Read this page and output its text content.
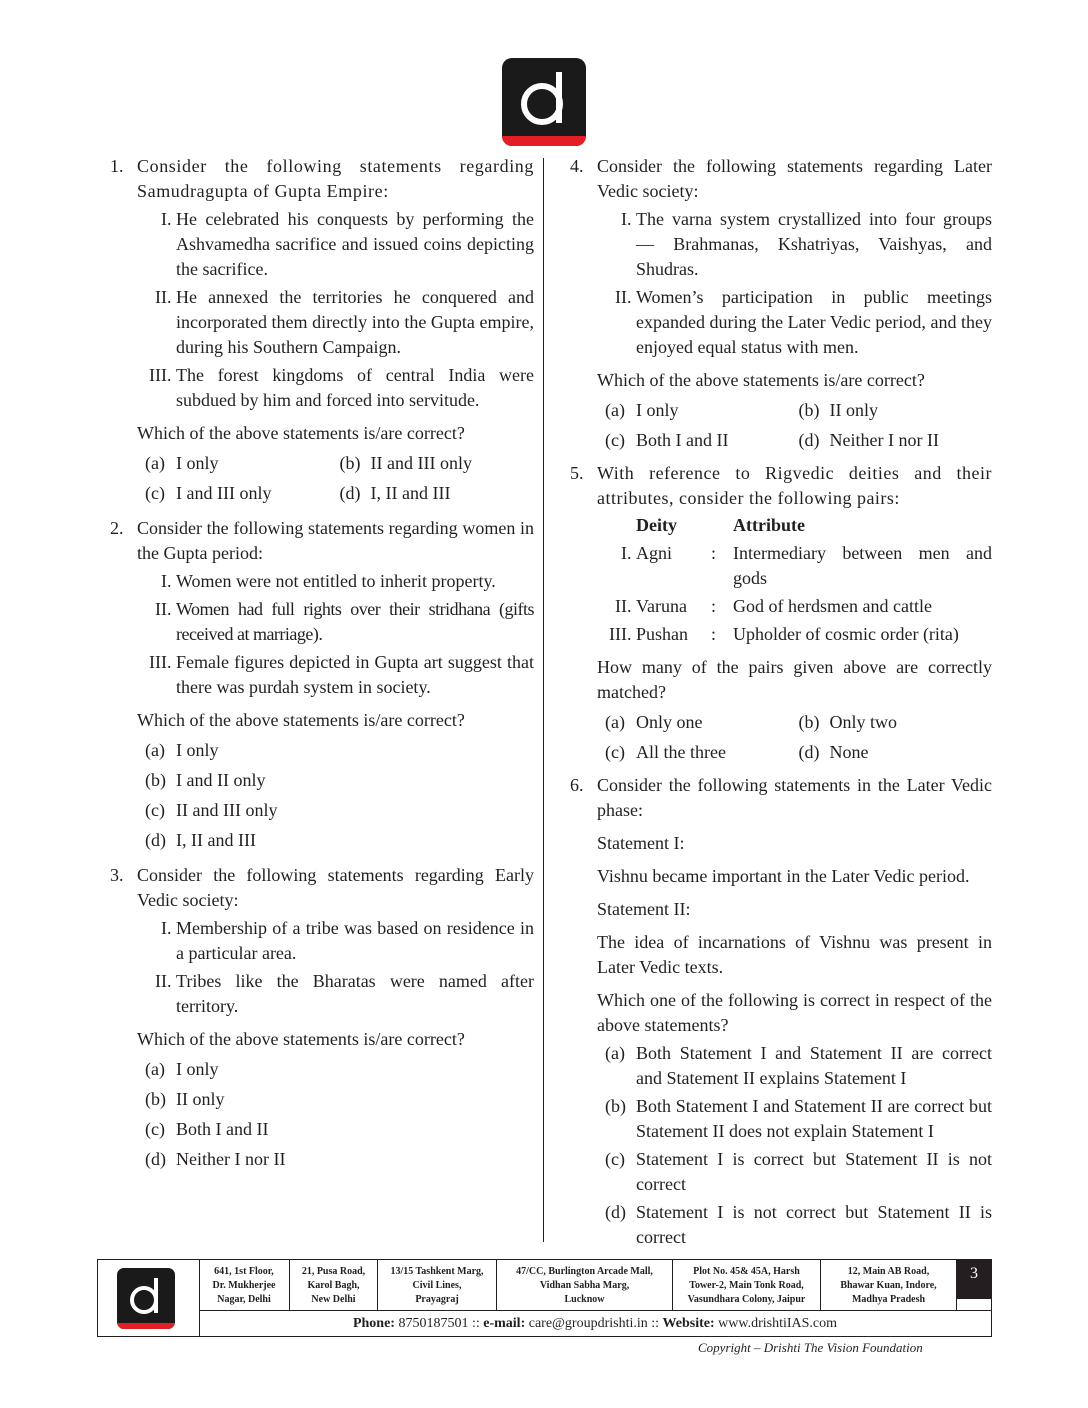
1. Consider the following statements regarding Samudragupta of Gupta Empire:
I. He celebrated his conquests by performing the Ashvamedha sacrifice and issued coins depicting the sacrifice.
II. He annexed the territories he conquered and incorporated them directly into the Gupta empire, during his Southern Campaign.
III. The forest kingdoms of central India were subdued by him and forced into servitude.
Which of the above statements is/are correct?
(a) I only	(b) II and III only
(c) I and III only	(d) I, II and III
2. Consider the following statements regarding women in the Gupta period:
I. Women were not entitled to inherit property.
II. Women had full rights over their stridhana (gifts received at marriage).
III. Female figures depicted in Gupta art suggest that there was purdah system in society.
Which of the above statements is/are correct?
(a) I only
(b) I and II only
(c) II and III only
(d) I, II and III
3. Consider the following statements regarding Early Vedic society:
I. Membership of a tribe was based on residence in a particular area.
II. Tribes like the Bharatas were named after territory.
Which of the above statements is/are correct?
(a) I only
(b) II only
(c) Both I and II
(d) Neither I nor II
4. Consider the following statements regarding Later Vedic society:
I. The varna system crystallized into four groups — Brahmanas, Kshatriyas, Vaishyas, and Shudras.
II. Women’s participation in public meetings expanded during the Later Vedic period, and they enjoyed equal status with men.
Which of the above statements is/are correct?
(a) I only	(b) II only
(c) Both I and II	(d) Neither I nor II
5. With reference to Rigvedic deities and their attributes, consider the following pairs:
Deity	Attribute
I. Agni	: Intermediary between men and gods
II. Varuna	: God of herdsmen and cattle
III. Pushan	: Upholder of cosmic order (rita)
How many of the pairs given above are correctly matched?
(a) Only one	(b) Only two
(c) All the three	(d) None
6. Consider the following statements in the Later Vedic phase:
Statement I:
Vishnu became important in the Later Vedic period.
Statement II:
The idea of incarnations of Vishnu was present in Later Vedic texts.
Which one of the following is correct in respect of the above statements?
(a) Both Statement I and Statement II are correct and Statement II explains Statement I
(b) Both Statement I and Statement II are correct but Statement II does not explain Statement I
(c) Statement I is correct but Statement II is not correct
(d) Statement I is not correct but Statement II is correct
641, 1st Floor,
Dr. Mukherjee
Nagar, Delhi
21, Pusa Road,
Karol Bagh,
New Delhi
13/15 Tashkent Marg,
Civil Lines,
Prayagraj
47/CC, Burlington Arcade Mall,
Vidhan Sabha Marg,
Lucknow
Plot No. 45& 45A, Harsh
Tower-2, Main Tonk Road,
Vasundhara Colony, Jaipur
12, Main AB Road,
Bhawar Kuan, Indore,
Madhya Pradesh
Phone: 8750187501 :: e-mail: care@groupdrishti.in :: Website: www.drishtiIAS.com
3
Copyright – Drishti The Vision Foundation
